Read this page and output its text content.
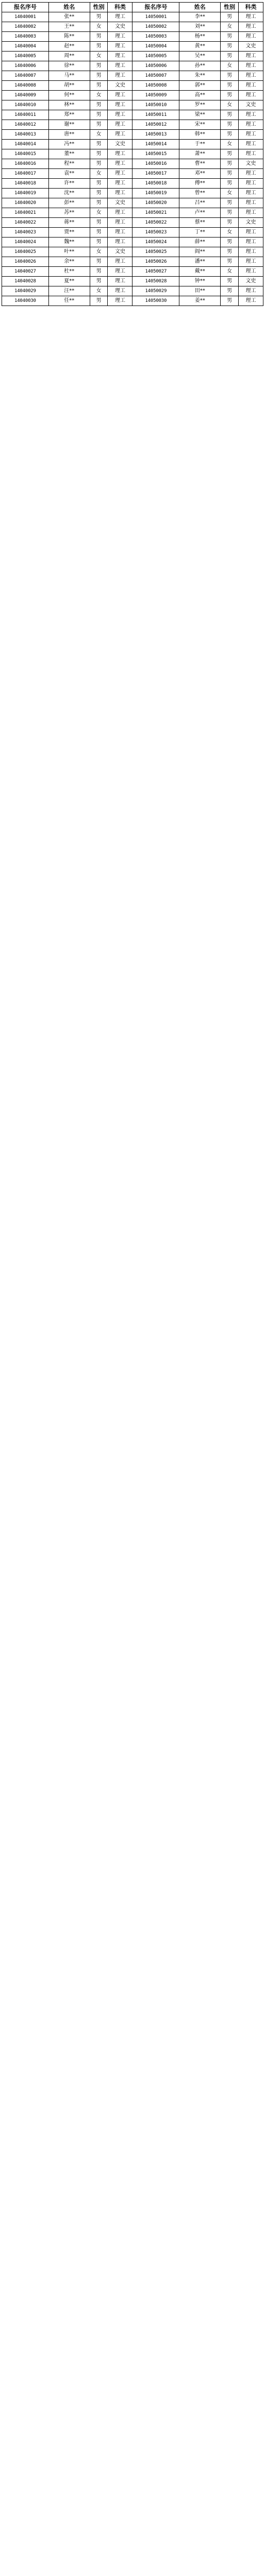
报名序号	姓名	性别	科类	报名序号	姓名	性别	科类
14040001	张**	男	理工	14050001	李**	男	理工
14040002	王**	女	文史	14050002	刘**	女	理工
14040003	陈**	男	理工	14050003	杨**	男	理工
14040004	赵**	男	理工	14050004	黄**	男	文史
14040005	周**	女	理工	14050005	吴**	男	理工
14040006	徐**	男	理工	14050006	孙**	女	理工
14040007	马**	男	理工	14050007	朱**	男	理工
14040008	胡**	男	文史	14050008	郭**	男	理工
14040009	何**	女	理工	14050009	高**	男	理工
14040010	林**	男	理工	14050010	罗**	女	文史
14040011	郑**	男	理工	14050011	梁**	男	理工
14040012	谢**	男	理工	14050012	宋**	男	理工
14040013	唐**	女	理工	14050013	韩**	男	理工
14040014	冯**	男	文史	14050014	于**	女	理工
14040015	董**	男	理工	14050015	萧**	男	理工
14040016	程**	男	理工	14050016	曹**	男	文史
14040017	袁**	女	理工	14050017	邓**	男	理工
14040018	许**	男	理工	14050018	傅**	男	理工
14040019	沈**	男	理工	14050019	曾**	女	理工
14040020	彭**	男	文史	14050020	吕**	男	理工
14040021	苏**	女	理工	14050021	卢**	男	理工
14040022	蒋**	男	理工	14050022	蔡**	男	文史
14040023	贾**	男	理工	14050023	丁**	女	理工
14040024	魏**	男	理工	14050024	薛**	男	理工
14040025	叶**	女	文史	14050025	阎**	男	理工
14040026	余**	男	理工	14050026	潘**	男	理工
14040027	杜**	男	理工	14050027	戴**	女	理工
14040028	夏**	男	理工	14050028	钟**	男	文史
14040029	汪**	女	理工	14050029	田**	男	理工
14040030	任**	男	理工	14050030	姜**	男	理工
